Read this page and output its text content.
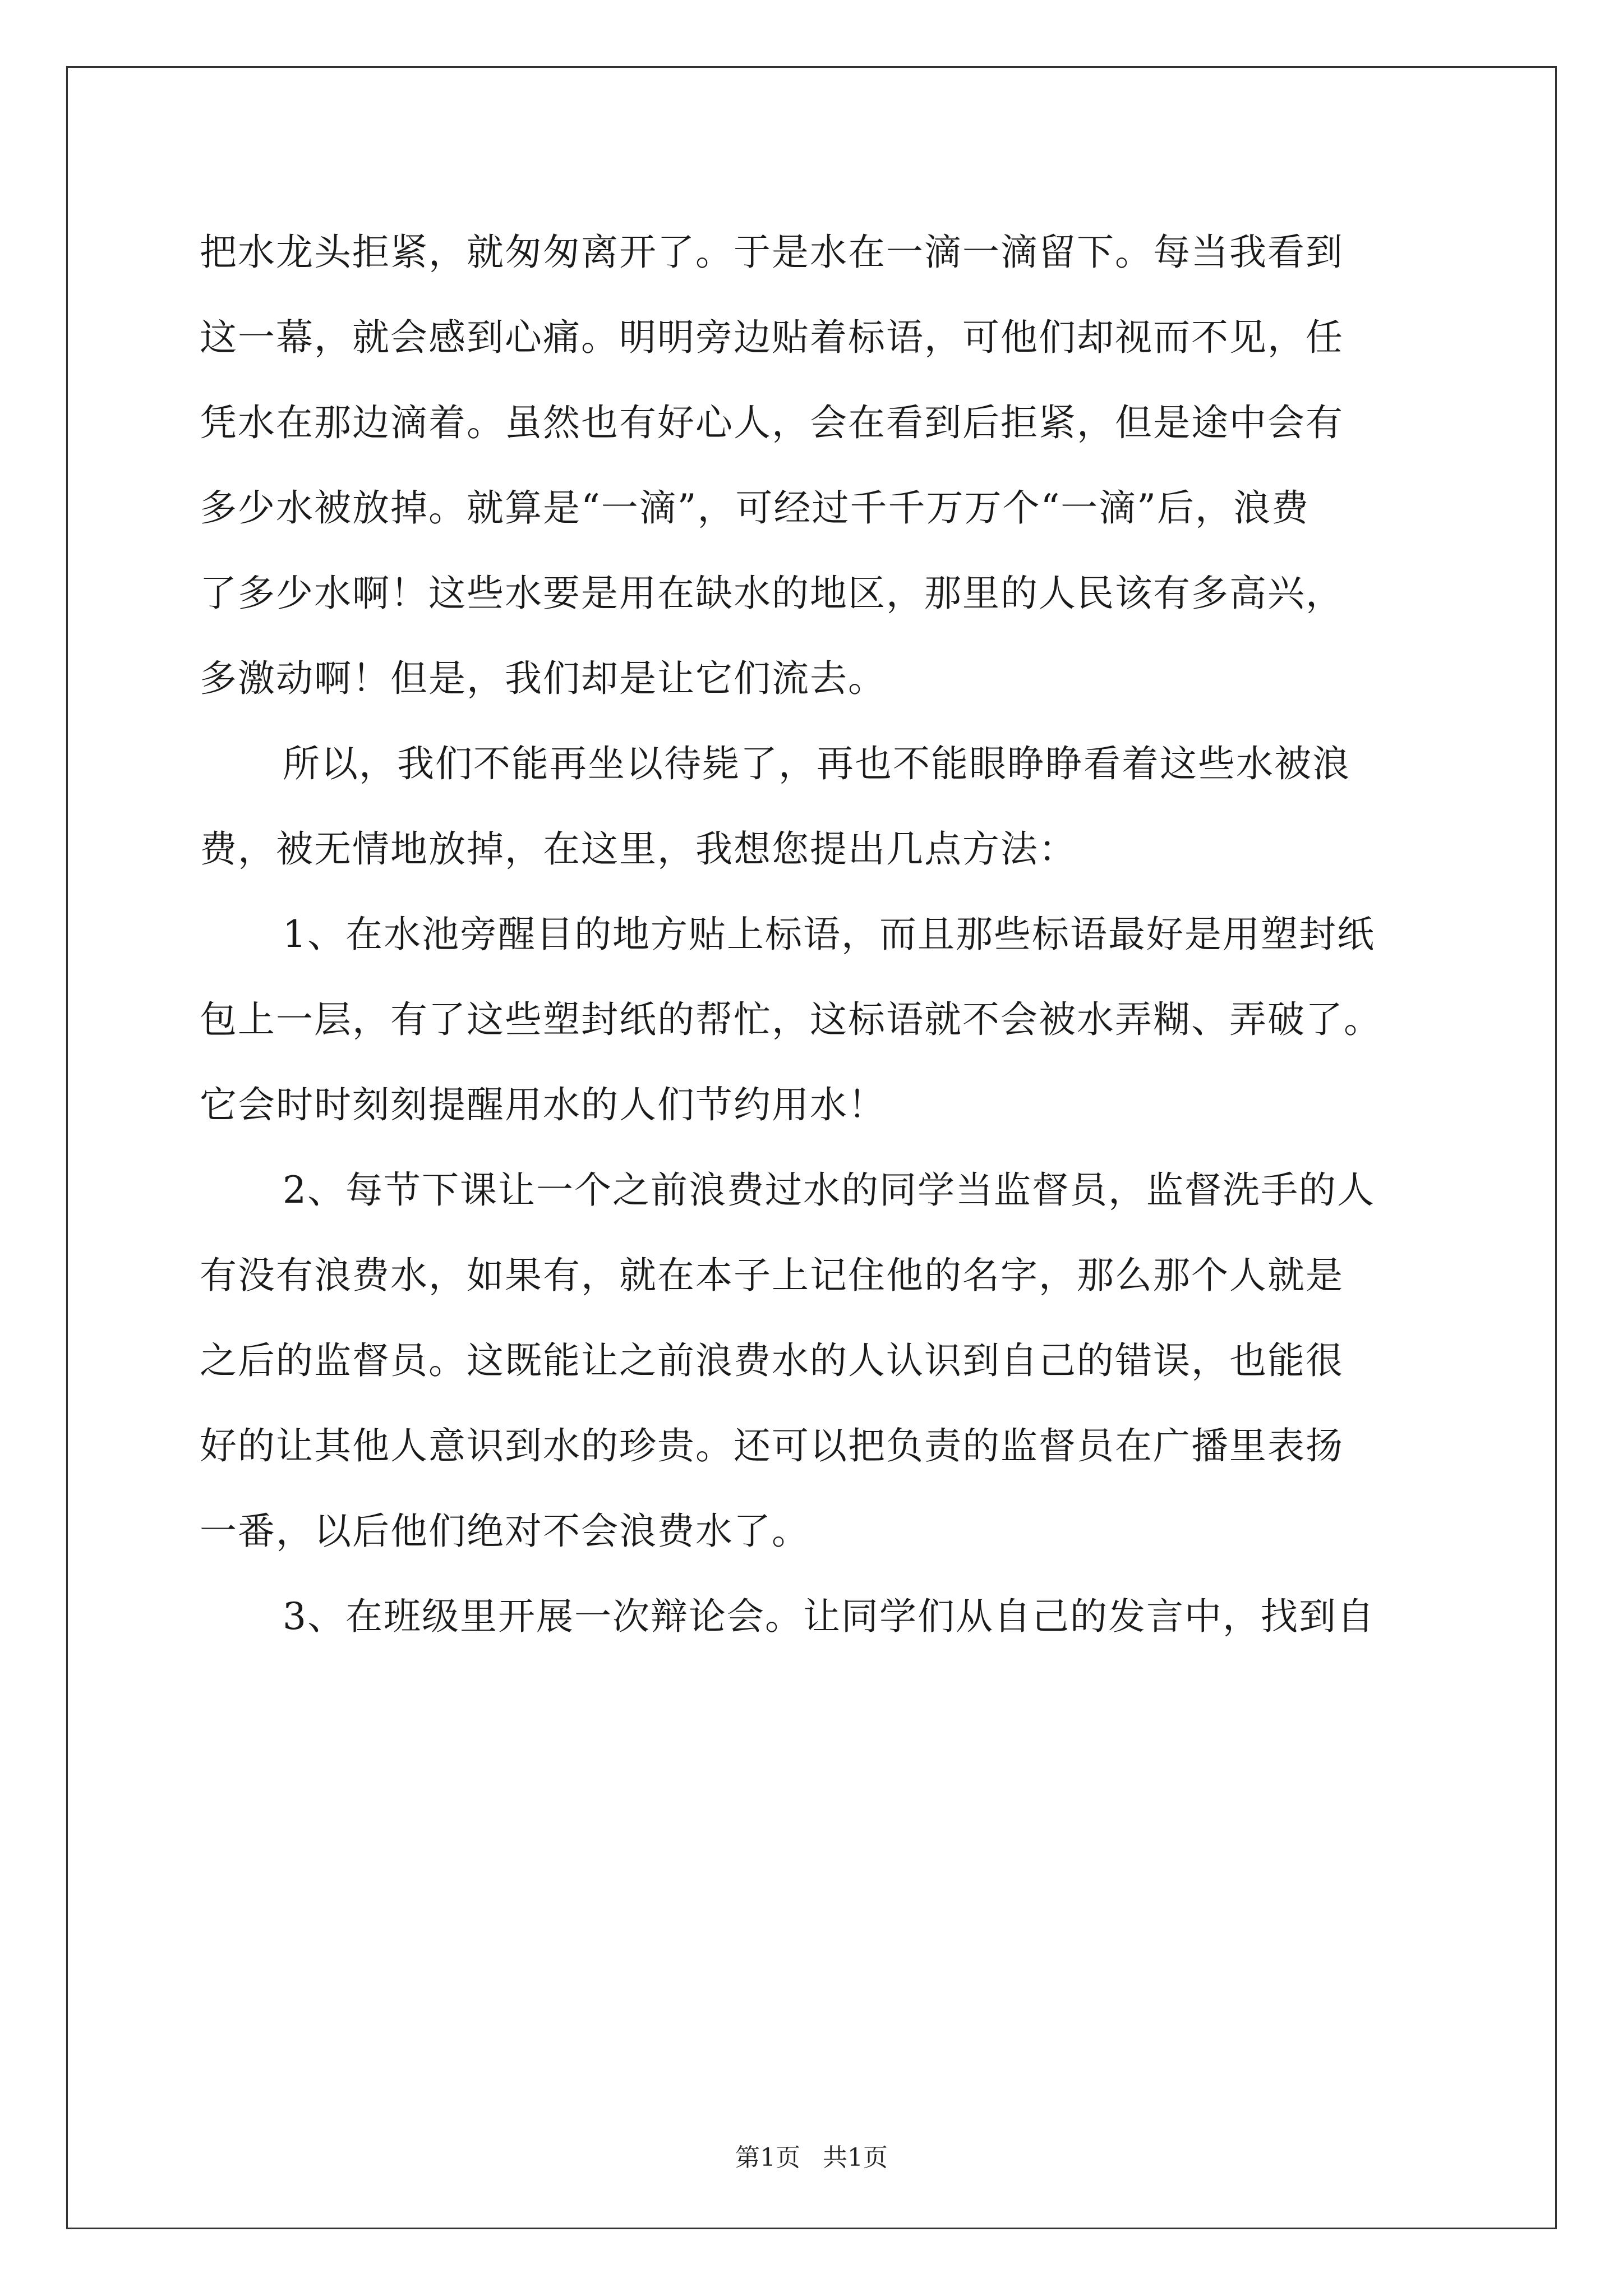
把水龙头拒紧，就匆匆离开了。于是水在一滴一滴留下。每当我看到
这一幕，就会感到心痛。明明旁边贴着标语，可他们却视而不见，任
凭水在那边滴着。虽然也有好心人，会在看到后拒紧，但是途中会有
多少水被放掉。就算是“一滴”，可经过千千万万个“一滴”后，浪费
了多少水啊！这些水要是用在缺水的地区，那里的人民该有多高兴，
多激动啊！但是，我们却是让它们流去。
所以，我们不能再坐以待毙了，再也不能眼睁睁看着这些水被浪
费，被无情地放掉，在这里，我想您提出几点方法：
1、在水池旁醒目的地方贴上标语，而且那些标语最好是用塑封纸
包上一层，有了这些塑封纸的帮忙，这标语就不会被水弄糊、弄破了。
它会时时刻刻提醒用水的人们节约用水！
2、每节下课让一个之前浪费过水的同学当监督员，监督洗手的人
有没有浪费水，如果有，就在本子上记住他的名字，那么那个人就是
之后的监督员。这既能让之前浪费水的人认识到自己的错误，也能很
好的让其他人意识到水的珍贵。还可以把负责的监督员在广播里表扬
一番，以后他们绝对不会浪费水了。
3、在班级里开展一次辩论会。让同学们从自己的发言中，找到自
第1页 共1页
